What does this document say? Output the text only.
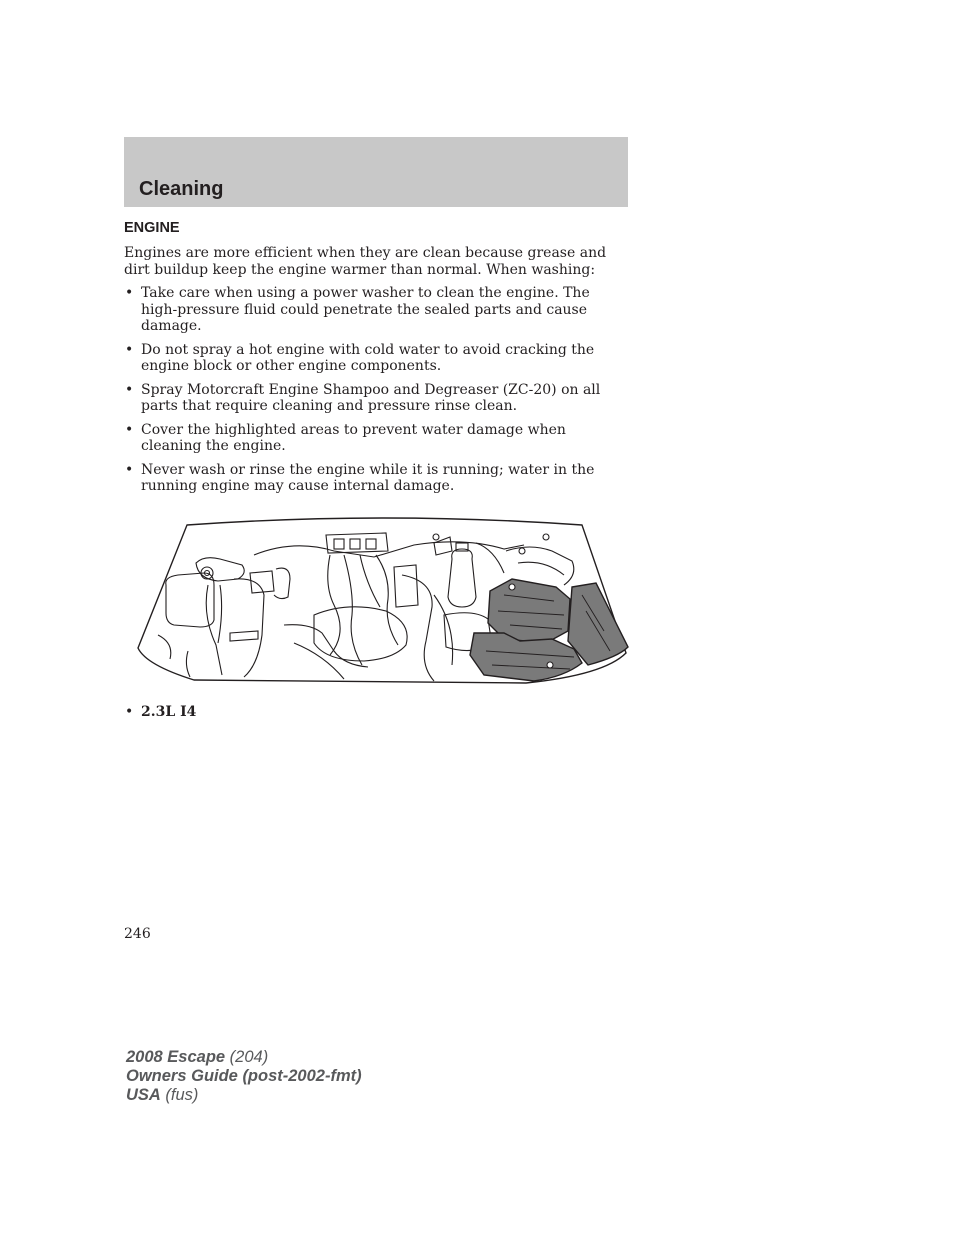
Cleaning
ENGINE

Engines are more efficient when they are clean because grease and dirt buildup keep the engine warmer than normal. When washing:

• Take care when using a power washer to clean the engine. The high-pressure fluid could penetrate the sealed parts and cause damage.
• Do not spray a hot engine with cold water to avoid cracking the engine block or other engine components.
• Spray Motorcraft Engine Shampoo and Degreaser (ZC-20) on all parts that require cleaning and pressure rinse clean.
• Cover the highlighted areas to prevent water damage when cleaning the engine.
• Never wash or rinse the engine while it is running; water in the running engine may cause internal damage.

• 2.3L I4

246

2008 Escape (204)
Owners Guide (post-2002-fmt)
USA (fus)
